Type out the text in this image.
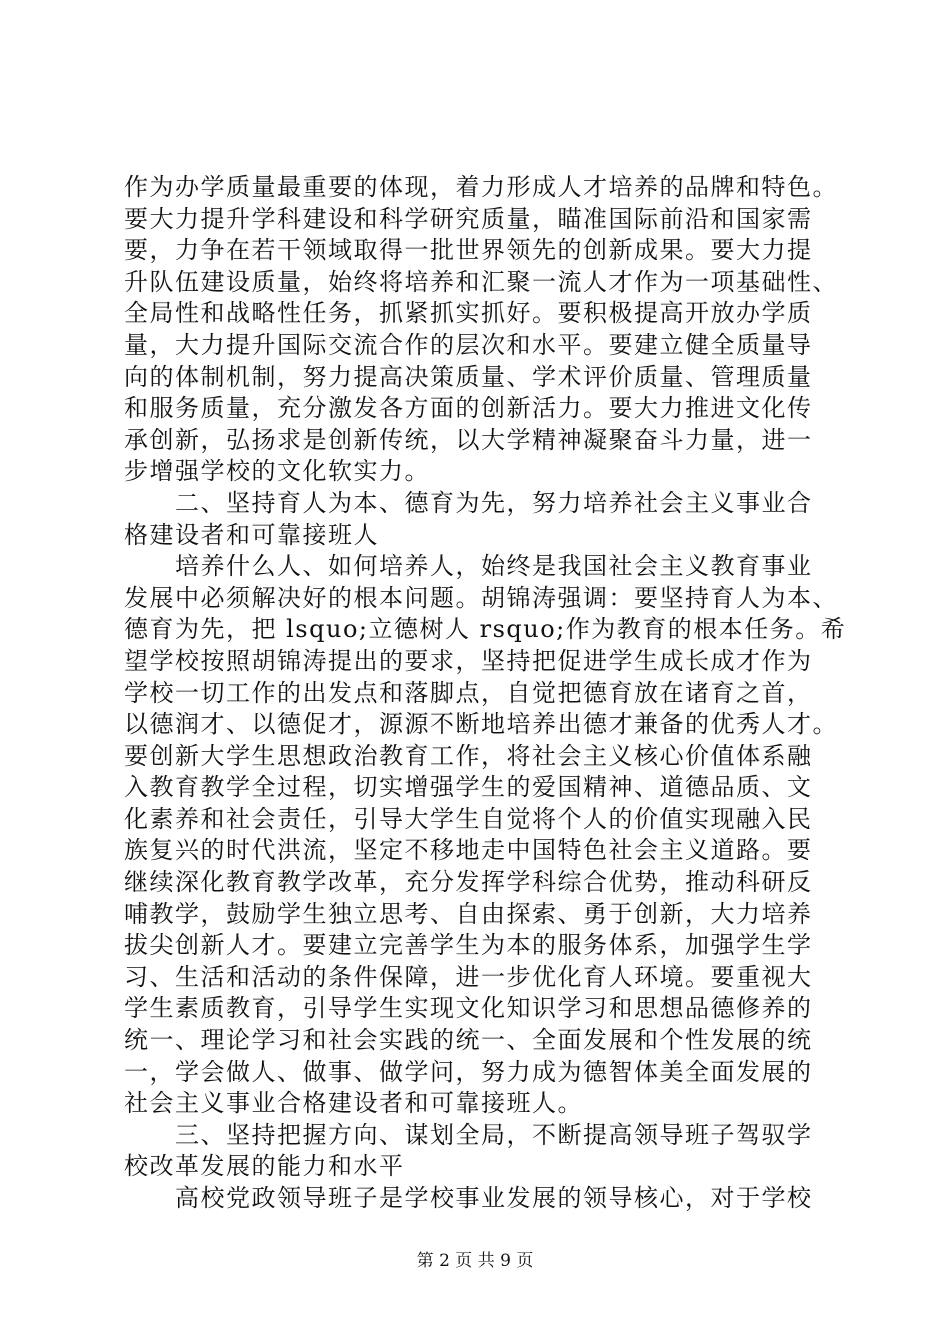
作为办学质量最重要的体现，着力形成人才培养的品牌和特色。
要大力提升学科建设和科学研究质量，瞄准国际前沿和国家需
要，力争在若干领域取得一批世界领先的创新成果。要大力提
升队伍建设质量，始终将培养和汇聚一流人才作为一项基础性、
全局性和战略性任务，抓紧抓实抓好。要积极提高开放办学质
量，大力提升国际交流合作的层次和水平。要建立健全质量导
向的体制机制，努力提高决策质量、学术评价质量、管理质量
和服务质量，充分激发各方面的创新活力。要大力推进文化传
承创新，弘扬求是创新传统，以大学精神凝聚奋斗力量，进一
步增强学校的文化软实力。
　　二、坚持育人为本、德育为先，努力培养社会主义事业合
格建设者和可靠接班人
　　培养什么人、如何培养人，始终是我国社会主义教育事业
发展中必须解决好的根本问题。胡锦涛强调：要坚持育人为本、
德育为先，把 lsquo;立德树人 rsquo;作为教育的根本任务。希
望学校按照胡锦涛提出的要求，坚持把促进学生成长成才作为
学校一切工作的出发点和落脚点，自觉把德育放在诸育之首，
以德润才、以德促才，源源不断地培养出德才兼备的优秀人才。
要创新大学生思想政治教育工作，将社会主义核心价值体系融
入教育教学全过程，切实增强学生的爱国精神、道德品质、文
化素养和社会责任，引导大学生自觉将个人的价值实现融入民
族复兴的时代洪流，坚定不移地走中国特色社会主义道路。要
继续深化教育教学改革，充分发挥学科综合优势，推动科研反
哺教学，鼓励学生独立思考、自由探索、勇于创新，大力培养
拔尖创新人才。要建立完善学生为本的服务体系，加强学生学
习、生活和活动的条件保障，进一步优化育人环境。要重视大
学生素质教育，引导学生实现文化知识学习和思想品德修养的
统一、理论学习和社会实践的统一、全面发展和个性发展的统
一，学会做人、做事、做学问，努力成为德智体美全面发展的
社会主义事业合格建设者和可靠接班人。
　　三、坚持把握方向、谋划全局，不断提高领导班子驾驭学
校改革发展的能力和水平
　　高校党政领导班子是学校事业发展的领导核心，对于学校
第 2 页 共 9 页
